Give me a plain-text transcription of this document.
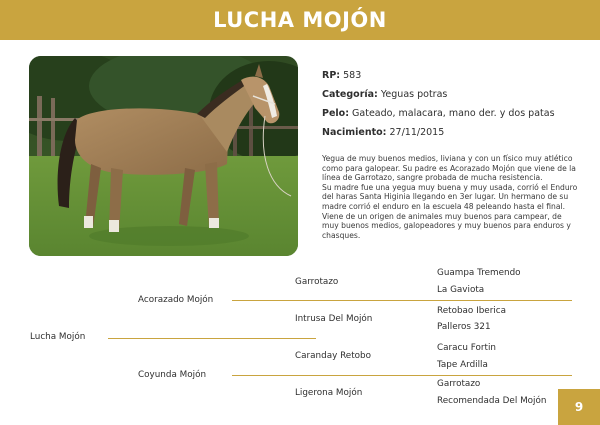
LUCHA MOJÓN
RP: 583
Categoría: Yeguas potras
Pelo: Gateado, malacara, mano der. y dos patas
Nacimiento: 27/11/2015

Yegua de muy buenos medios, liviana y con un físico muy atlético como para galopear. Su padre es Acorazado Mojón que viene de la línea de Garrotazo, sangre probada de mucha resistencia.

Su madre fue una yegua muy buena y muy usada, corrió el Enduro del haras Santa Higinia llegando en 3er lugar. Un hermano de su madre corrió el enduro en la escuela 48 peleando hasta el final. Viene de un origen de animales muy buenos para campear, de muy buenos medios, galopeadores y muy buenos para enduros y chasques.

Lucha Mojón
Acorazado Mojón
Coyunda Mojón
Garrotazo
Intrusa Del Mojón
Caranday Retobo
Ligerona Mojón
Guampa Tremendo
La Gaviota
Retobao Iberica
Palleros 321
Caracu Fortin
Tape Ardilla
Garrotazo
Recomendada Del Mojón	9
